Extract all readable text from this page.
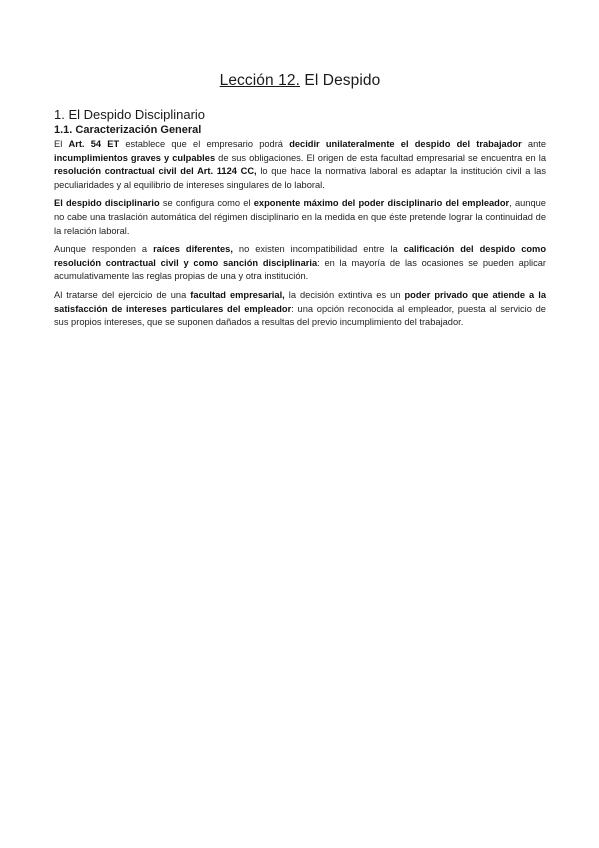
Lección 12. El Despido
1. El Despido Disciplinario
1.1. Caracterización General

El Art. 54 ET establece que el empresario podrá decidir unilateralmente el despido del trabajador ante incumplimientos graves y culpables de sus obligaciones. El origen de esta facultad empresarial se encuentra en la resolución contractual civil del Art. 1124 CC, lo que hace la normativa laboral es adaptar la institución civil a las peculiaridades y al equilibrio de intereses singulares de lo laboral.

El despido disciplinario se configura como el exponente máximo del poder disciplinario del empleador, aunque no cabe una traslación automática del régimen disciplinario en la medida en que éste pretende lograr la continuidad de la relación laboral.

Aunque responden a raíces diferentes, no existen incompatibilidad entre la calificación del despido como resolución contractual civil y como sanción disciplinaria: en la mayoría de las ocasiones se pueden aplicar acumulativamente las reglas propias de una y otra institución.

Al tratarse del ejercicio de una facultad empresarial, la decisión extintiva es un poder privado que atiende a la satisfacción de intereses particulares del empleador: una opción reconocida al empleador, puesta al servicio de sus propios intereses, que se suponen dañados a resultas del previo incumplimiento del trabajador.
